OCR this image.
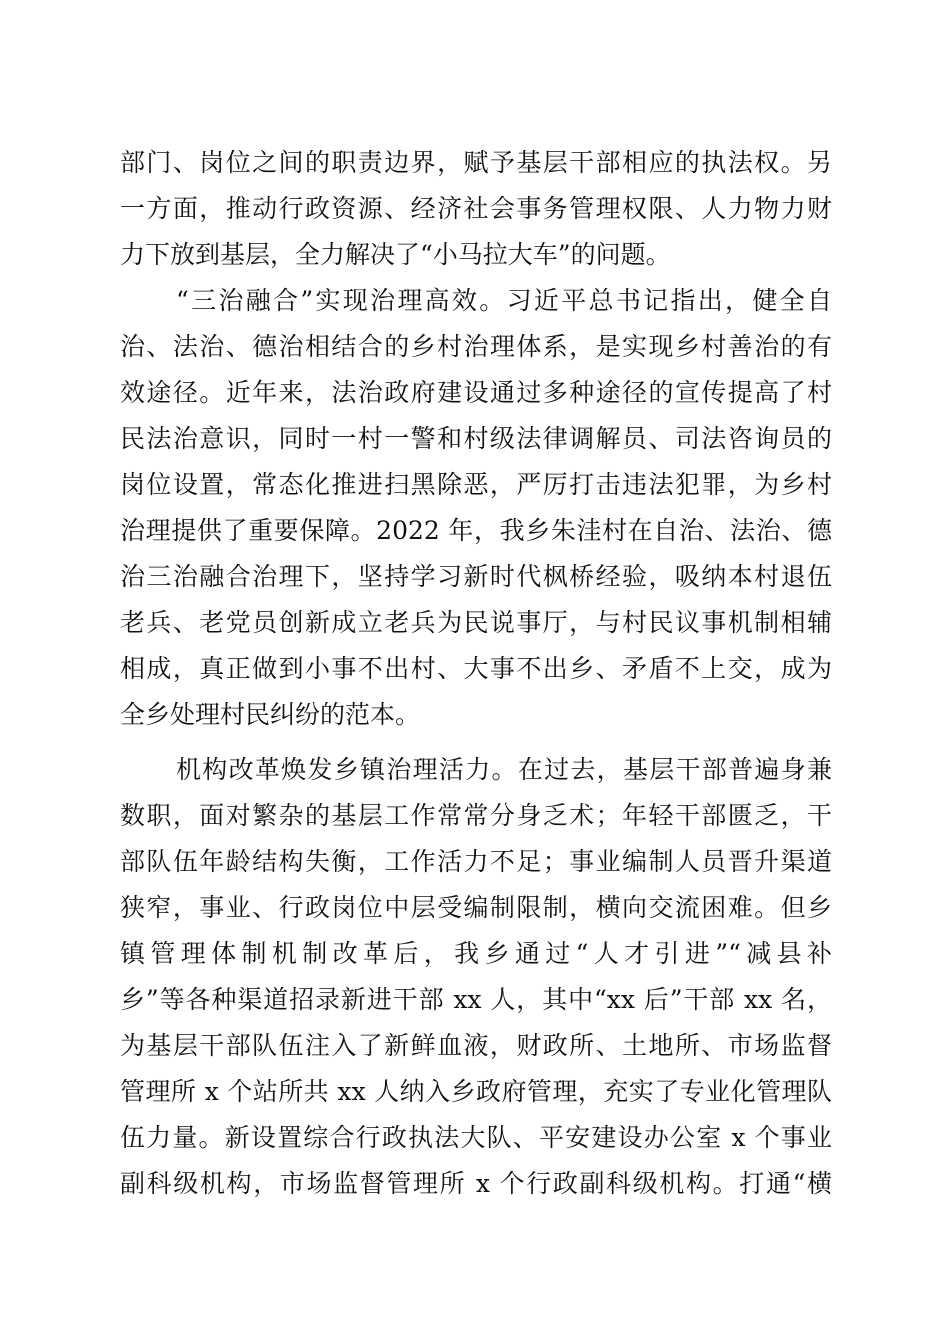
部门、岗位之间的职责边界，赋予基层干部相应的执法权。另
一方面，推动行政资源、经济社会事务管理权限、人力物力财
力下放到基层，全力解决了“小马拉大车”的问题。
“三治融合”实现治理高效。习近平总书记指出，健全自
治、法治、德治相结合的乡村治理体系，是实现乡村善治的有
效途径。近年来，法治政府建设通过多种途径的宣传提高了村
民法治意识，同时一村一警和村级法律调解员、司法咨询员的
岗位设置，常态化推进扫黑除恶，严厉打击违法犯罪，为乡村
治理提供了重要保障。2022 年，我乡朱洼村在自治、法治、德
治三治融合治理下，坚持学习新时代枫桥经验，吸纳本村退伍
老兵、老党员创新成立老兵为民说事厅，与村民议事机制相辅
相成，真正做到小事不出村、大事不出乡、矛盾不上交，成为
全乡处理村民纠纷的范本。
机构改革焕发乡镇治理活力。在过去，基层干部普遍身兼
数职，面对繁杂的基层工作常常分身乏术；年轻干部匮乏，干
部队伍年龄结构失衡，工作活力不足；事业编制人员晋升渠道
狭窄，事业、行政岗位中层受编制限制，横向交流困难。但乡
镇管理体制机制改革后，我乡通过“人才引进”“减县补
乡”等各种渠道招录新进干部 xx 人，其中“xx 后”干部 xx 名，
为基层干部队伍注入了新鲜血液，财政所、土地所、市场监督
管理所 x 个站所共 xx 人纳入乡政府管理，充实了专业化管理队
伍力量。新设置综合行政执法大队、平安建设办公室 x 个事业
副科级机构，市场监督管理所 x 个行政副科级机构。打通“横
